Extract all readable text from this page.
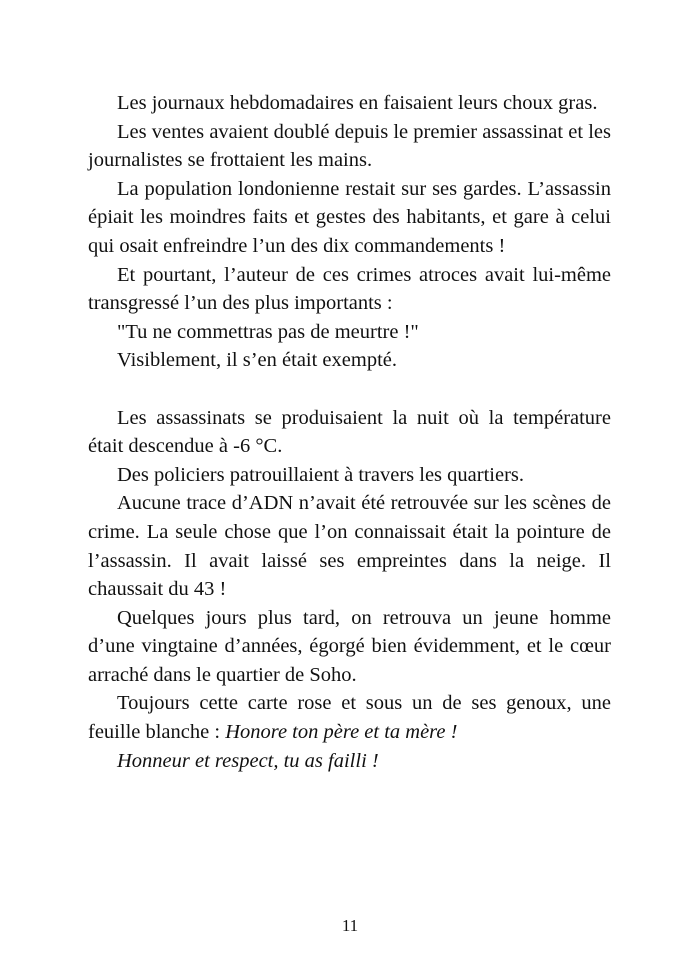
Les journaux hebdomadaires en faisaient leurs choux gras.

Les ventes avaient doublé depuis le premier assassinat et les journalistes se frottaient les mains.

La population londonienne restait sur ses gardes. L’assassin épiait les moindres faits et gestes des habitants, et gare à celui qui osait enfreindre l’un des dix commandements !

Et pourtant, l’auteur de ces crimes atroces avait lui-même transgressé l’un des plus importants :

"Tu ne commettras pas de meurtre !"

Visiblement, il s’en était exempté.

Les assassinats se produisaient la nuit où la température était descendue à -6 °C.

Des policiers patrouillaient à travers les quartiers.

Aucune trace d’ADN n’avait été retrouvée sur les scènes de crime. La seule chose que l’on connaissait était la pointure de l’assassin. Il avait laissé ses empreintes dans la neige. Il chaussait du 43 !

Quelques jours plus tard, on retrouva un jeune homme d’une vingtaine d’années, égorgé bien évidemment, et le cœur arraché dans le quartier de Soho.

Toujours cette carte rose et sous un de ses genoux, une feuille blanche : Honore ton père et ta mère !

Honneur et respect, tu as failli !

11
